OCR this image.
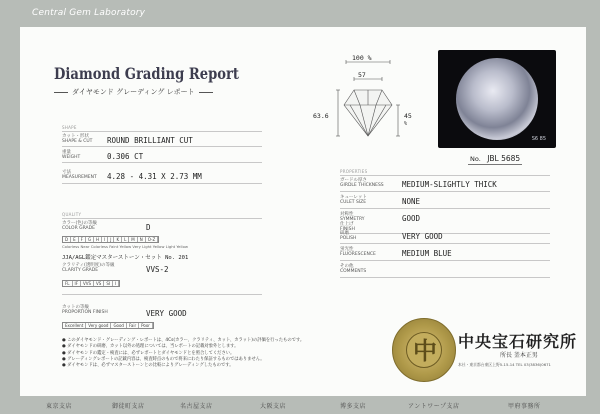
Central Gem Laboratory
東京支店	御徒町支店	名古屋支店	大阪支店	博多支店	アントワープ支店	甲府事務所
Diamond Grading Report
ダイヤモンド グレーディング レポート
100 %
57
63.6	45
%
S6 85
No. JBL 5685
SHAPE
カット・形状
SHAPE & CUT ROUND BRILLIANT CUT
重量
WEIGHT	0.306 CT
寸法
MEASUREMENT 4.28 - 4.31 X 2.73 MM
QUALITY
カラー(色)の等級
COLOR GRADE	D
D	E	F	G	H	I	J	K	L	M	N	O-Z
Colorless Near Colorless Faint Yellow Very Light Yellow Light Yellow
JJA/AGL鑑定マスターストーン・セット No. 201
クラリティ(透明度)の等級
CLARITY GRADE	VVS-2
FL	IF	VVS	VS	SI	I
カットの等級
PROPORTION FINISH	VERY GOOD
Excellent	Very good	Good	Fair	Poor
PROPERTIES
ガードル厚さ
GIRDLE THICKNESS MEDIUM-SLIGHTLY THICK
キューレット
CULET SIZE	NONE
対称性
SYMMETRY	GOOD
仕上げ
FINISH
研磨
POLISH	VERY GOOD
蛍光性
FLUORESCENCE	MEDIUM BLUE
その他
COMMENTS
● このダイヤモンド・グレーディング・レポートは、4Cs(カラー、クラリティ、カット、カラット)の評価を行ったものです。
● ダイヤモンドの研磨、カット以外の処理については、当レポートの記載対象外とします。
● ダイヤモンドの鑑定・検査には、必ずレポートとダイヤモンドとを照合してください。
● グレーディングレポートの記載内容は、検査時点のもので将来にわたり保証するものではありません。
● ダイヤモンドは、必ずマスターストーンとの比較によりグレーディングしたものです。
中	中央宝石研究所
所長 釜本正男
本社・東京都台東区上野5-15-14 TEL 03(3836)0671
